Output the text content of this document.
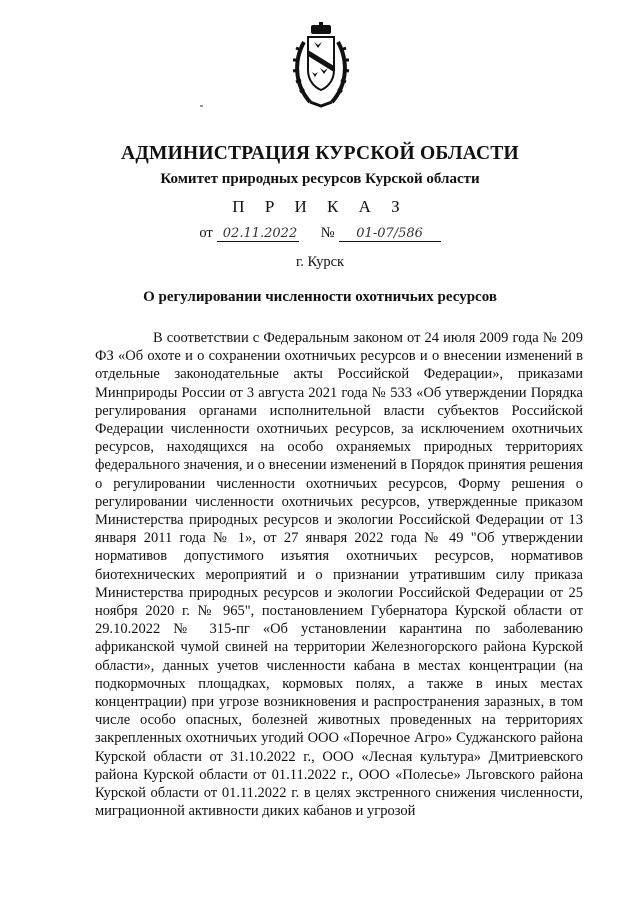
АДМИНИСТРАЦИЯ КУРСКОЙ ОБЛАСТИ
Комитет природных ресурсов Курской области
П Р И К А З
от 02.11.2022 №	01-07/586
г. Курск
О регулировании численности охотничьих ресурсов

В соответствии с Федеральным законом от 24 июля 2009 года № 209 ФЗ «Об охоте и о сохранении охотничьих ресурсов и о внесении изменений в отдельные законодательные акты Российской Федерации», приказами Минприроды России от 3 августа 2021 года № 533 «Об утверждении Порядка регулирования органами исполнительной власти субъектов Российской Федерации численности охотничьих ресурсов, за исключением охотничьих ресурсов, находящихся на особо охраняемых природных территориях федерального значения, и о внесении изменений в Порядок принятия решения о регулировании численности охотничьих ресурсов, Форму решения о регулировании численности охотничьих ресурсов, утвержденные приказом Министерства природных ресурсов и экологии Российской Федерации от 13 января 2011 года № 1», от 27 января 2022 года № 49 "Об утверждении нормативов допустимого изъятия охотничьих ресурсов, нормативов биотехнических мероприятий и о признании утратившим силу приказа Министерства природных ресурсов и экологии Российской Федерации от 25 ноября 2020 г. № 965", постановлением Губернатора Курской области от 29.10.2022 № 315-пг «Об установлении карантина по заболеванию африканской чумой свиней на территории Железногорского района Курской области», данных учетов численности кабана в местах концентрации (на подкормочных площадках, кормовых полях, а также в иных местах концентрации) при угрозе возникновения и распространения заразных, в том числе особо опасных, болезней животных проведенных на территориях закрепленных охотничьих угодий ООО «Поречное Агро» Суджанского района Курской области от 31.10.2022 г., ООО «Лесная культура» Дмитриевского района Курской области от 01.11.2022 г., ООО «Полесье» Льговского района Курской области от 01.11.2022 г. в целях экстренного снижения численности, миграционной активности диких кабанов и угрозой
